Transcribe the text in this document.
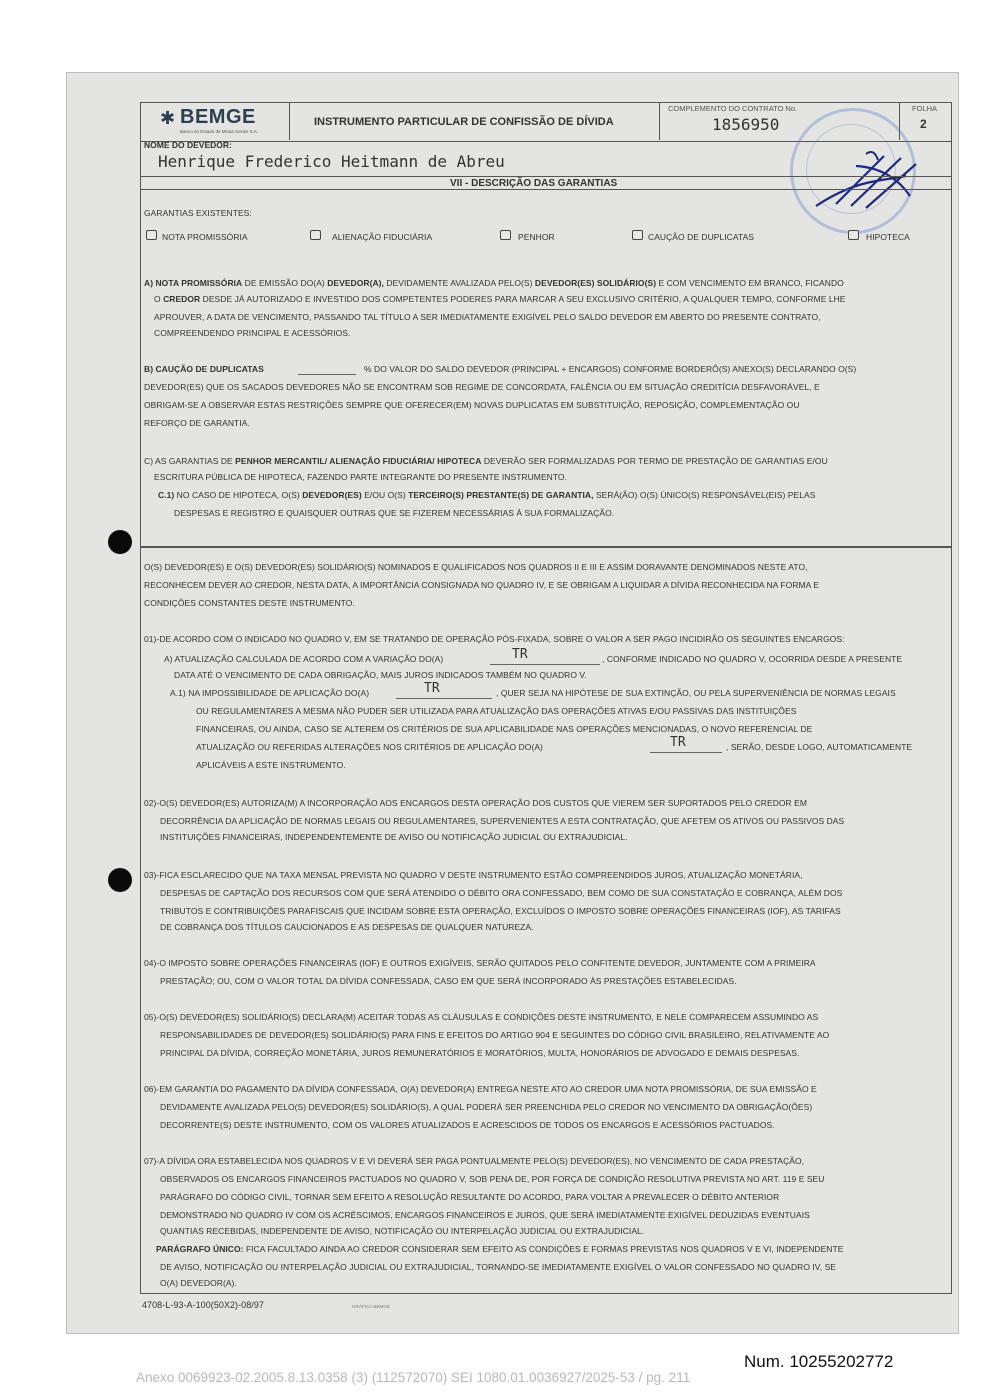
✱ BEMGE
Banco do Estado de Minas Gerais S.A.
INSTRUMENTO PARTICULAR DE CONFISSÃO DE DÍVIDA
COMPLEMENTO DO CONTRATO No.
1856950
FOLHA
2
NOME DO DEVEDOR:
Henrique Frederico Heitmann de Abreu
VII - DESCRIÇÃO DAS GARANTIAS
GARANTIAS EXISTENTES:
NOTA PROMISSÓRIA	ALIENAÇÃO FIDUCIÁRIA	PENHOR	CAUÇÃO DE DUPLICATAS	HIPOTECA
A) NOTA PROMISSÓRIA DE EMISSÃO DO(A) DEVEDOR(A), DEVIDAMENTE AVALIZADA PELO(S) DEVEDOR(ES) SOLIDÁRIO(S) E COM VENCIMENTO EM BRANCO, FICANDO
O CREDOR DESDE JÁ AUTORIZADO E INVESTIDO DOS COMPETENTES PODERES PARA MARCAR A SEU EXCLUSIVO CRITÉRIO, A QUALQUER TEMPO, CONFORME LHE
APROUVER, A DATA DE VENCIMENTO, PASSANDO TAL TÍTULO A SER IMEDIATAMENTE EXIGÍVEL PELO SALDO DEVEDOR EM ABERTO DO PRESENTE CONTRATO,
COMPREENDENDO PRINCIPAL E ACESSÓRIOS.
B) CAUÇÃO DE DUPLICATAS	% DO VALOR DO SALDO DEVEDOR (PRINCIPAL + ENCARGOS) CONFORME BORDERÔ(S) ANEXO(S) DECLARANDO O(S)
DEVEDOR(ES) QUE OS SACADOS DEVEDORES NÃO SE ENCONTRAM SOB REGIME DE CONCORDATA, FALÊNCIA OU EM SITUAÇÃO CREDITÍCIA DESFAVORÁVEL, E
OBRIGAM-SE A OBSERVAR ESTAS RESTRIÇÕES SEMPRE QUE OFERECER(EM) NOVAS DUPLICATAS EM SUBSTITUIÇÃO, REPOSIÇÃO, COMPLEMENTAÇÃO OU
REFORÇO DE GARANTIA.
C) AS GARANTIAS DE PENHOR MERCANTIL/ ALIENAÇÃO FIDUCIÁRIA/ HIPOTECA DEVERÃO SER FORMALIZADAS POR TERMO DE PRESTAÇÃO DE GARANTIAS E/OU
ESCRITURA PÚBLICA DE HIPOTECA, FAZENDO PARTE INTEGRANTE DO PRESENTE INSTRUMENTO.
C.1) NO CASO DE HIPOTECA, O(S) DEVEDOR(ES) E/OU O(S) TERCEIRO(S) PRESTANTE(S) DE GARANTIA, SERÁ(ÃO) O(S) ÚNICO(S) RESPONSÁVEL(EIS) PELAS
DESPESAS E REGISTRO E QUAISQUER OUTRAS QUE SE FIZEREM NECESSÁRIAS À SUA FORMALIZAÇÃO.
O(S) DEVEDOR(ES) E O(S) DEVEDOR(ES) SOLIDÁRIO(S) NOMINADOS E QUALIFICADOS NOS QUADROS II E III E ASSIM DORAVANTE DENOMINADOS NESTE ATO,
RECONHECEM DEVER AO CREDOR, NESTA DATA, A IMPORTÂNCIA CONSIGNADA NO QUADRO IV, E SE OBRIGAM A LIQUIDAR A DÍVIDA RECONHECIDA NA FORMA E
CONDIÇÕES CONSTANTES DESTE INSTRUMENTO.
01)-DE ACORDO COM O INDICADO NO QUADRO V, EM SE TRATANDO DE OPERAÇÃO PÓS-FIXADA, SOBRE O VALOR A SER PAGO INCIDIRÃO OS SEGUINTES ENCARGOS:
A) ATUALIZAÇÃO CALCULADA DE ACORDO COM A VARIAÇÃO DO(A)	TR	, CONFORME INDICADO NO QUADRO V, OCORRIDA DESDE A PRESENTE
DATA ATÉ O VENCIMENTO DE CADA OBRIGAÇÃO, MAIS JUROS INDICADOS TAMBÉM NO QUADRO V.
A.1) NA IMPOSSIBILIDADE DE APLICAÇÃO DO(A)	TR	, QUER SEJA NA HIPÓTESE DE SUA EXTINÇÃO, OU PELA SUPERVENIÊNCIA DE NORMAS LEGAIS
OU REGULAMENTARES A MESMA NÃO PUDER SER UTILIZADA PARA ATUALIZAÇÃO DAS OPERAÇÕES ATIVAS E/OU PASSIVAS DAS INSTITUIÇÕES
FINANCEIRAS, OU AINDA, CASO SE ALTEREM OS CRITÉRIOS DE SUA APLICABILIDADE NAS OPERAÇÕES MENCIONADAS, O NOVO REFERENCIAL DE
ATUALIZAÇÃO OU REFERIDAS ALTERAÇÕES NOS CRITÉRIOS DE APLICAÇÃO DO(A)	TR	, SERÃO, DESDE LOGO, AUTOMATICAMENTE
APLICÁVEIS A ESTE INSTRUMENTO.
02)-O(S) DEVEDOR(ES) AUTORIZA(M) A INCORPORAÇÃO AOS ENCARGOS DESTA OPERAÇÃO DOS CUSTOS QUE VIEREM SER SUPORTADOS PELO CREDOR EM
DECORRÊNCIA DA APLICAÇÃO DE NORMAS LEGAIS OU REGULAMENTARES, SUPERVENIENTES A ESTA CONTRATAÇÃO, QUE AFETEM OS ATIVOS OU PASSIVOS DAS
INSTITUIÇÕES FINANCEIRAS, INDEPENDENTEMENTE DE AVISO OU NOTIFICAÇÃO JUDICIAL OU EXTRAJUDICIAL.
03)-FICA ESCLARECIDO QUE NA TAXA MENSAL PREVISTA NO QUADRO V DESTE INSTRUMENTO ESTÃO COMPREENDIDOS JUROS, ATUALIZAÇÃO MONETÁRIA,
DESPESAS DE CAPTAÇÃO DOS RECURSOS COM QUE SERÁ ATENDIDO O DÉBITO ORA CONFESSADO, BEM COMO DE SUA CONSTATAÇÃO E COBRANÇA, ALÉM DOS
TRIBUTOS E CONTRIBUIÇÕES PARAFISCAIS QUE INCIDAM SOBRE ESTA OPERAÇÃO, EXCLUÍDOS O IMPOSTO SOBRE OPERAÇÕES FINANCEIRAS (IOF), AS TARIFAS
DE COBRANÇA DOS TÍTULOS CAUCIONADOS E AS DESPESAS DE QUALQUER NATUREZA.
04)-O IMPOSTO SOBRE OPERAÇÕES FINANCEIRAS (IOF) E OUTROS EXIGÍVEIS, SERÃO QUITADOS PELO CONFITENTE DEVEDOR, JUNTAMENTE COM A PRIMEIRA
PRESTAÇÃO; OU, COM O VALOR TOTAL DA DÍVIDA CONFESSADA, CASO EM QUE SERÁ INCORPORADO ÀS PRESTAÇÕES ESTABELECIDAS.
05)-O(S) DEVEDOR(ES) SOLIDÁRIO(S) DECLARA(M) ACEITAR TODAS AS CLÁUSULAS E CONDIÇÕES DESTE INSTRUMENTO, E NELE COMPARECEM ASSUMINDO AS
RESPONSABILIDADES DE DEVEDOR(ES) SOLIDÁRIO(S) PARA FINS E EFEITOS DO ARTIGO 904 E SEGUINTES DO CÓDIGO CIVIL BRASILEIRO, RELATIVAMENTE AO
PRINCIPAL DA DÍVIDA, CORREÇÃO MONETÁRIA, JUROS REMUNERATÓRIOS E MORATÓRIOS, MULTA, HONORÁRIOS DE ADVOGADO E DEMAIS DESPESAS.
06)-EM GARANTIA DO PAGAMENTO DA DÍVIDA CONFESSADA, O(A) DEVEDOR(A) ENTREGA NESTE ATO AO CREDOR UMA NOTA PROMISSÓRIA, DE SUA EMISSÃO E
DEVIDAMENTE AVALIZADA PELO(S) DEVEDOR(ES) SOLIDÁRIO(S), A QUAL PODERÁ SER PREENCHIDA PELO CREDOR NO VENCIMENTO DA OBRIGAÇÃO(ÕES)
DECORRENTE(S) DESTE INSTRUMENTO, COM OS VALORES ATUALIZADOS E ACRESCIDOS DE TODOS OS ENCARGOS E ACESSÓRIOS PACTUADOS.
07)-A DÍVIDA ORA ESTABELECIDA NOS QUADROS V E VI DEVERÁ SER PAGA PONTUALMENTE PELO(S) DEVEDOR(ES), NO VENCIMENTO DE CADA PRESTAÇÃO,
OBSERVADOS OS ENCARGOS FINANCEIROS PACTUADOS NO QUADRO V, SOB PENA DE, POR FORÇA DE CONDIÇÃO RESOLUTIVA PREVISTA NO ART. 119 E SEU
PARÁGRAFO DO CÓDIGO CIVIL, TORNAR SEM EFEITO A RESOLUÇÃO RESULTANTE DO ACORDO, PARA VOLTAR A PREVALECER O DÉBITO ANTERIOR
DEMONSTRADO NO QUADRO IV COM OS ACRÉSCIMOS, ENCARGOS FINANCEIROS E JUROS, QUE SERÁ IMEDIATAMENTE EXIGÍVEL DEDUZIDAS EVENTUAIS
QUANTIAS RECEBIDAS, INDEPENDENTE DE AVISO, NOTIFICAÇÃO OU INTERPELAÇÃO JUDICIAL OU EXTRAJUDICIAL.
PARÁGRAFO ÚNICO: FICA FACULTADO AINDA AO CREDOR CONSIDERAR SEM EFEITO AS CONDIÇÕES E FORMAS PREVISTAS NOS QUADROS V E VI, INDEPENDENTE
DE AVISO, NOTIFICAÇÃO OU INTERPELAÇÃO JUDICIAL OU EXTRAJUDICIAL, TORNANDO-SE IMEDIATAMENTE EXIGÍVEL O VALOR CONFESSADO NO QUADRO IV, SE
O(A) DEVEDOR(A).
4708-L-93-A-100(50X2)-08/97	GRÁFICA BEMGE
Num. 10255202772
Anexo 0069923-02.2005.8.13.0358 (3) (112572070) SEI 1080.01.0036927/2025-53 / pg. 211
